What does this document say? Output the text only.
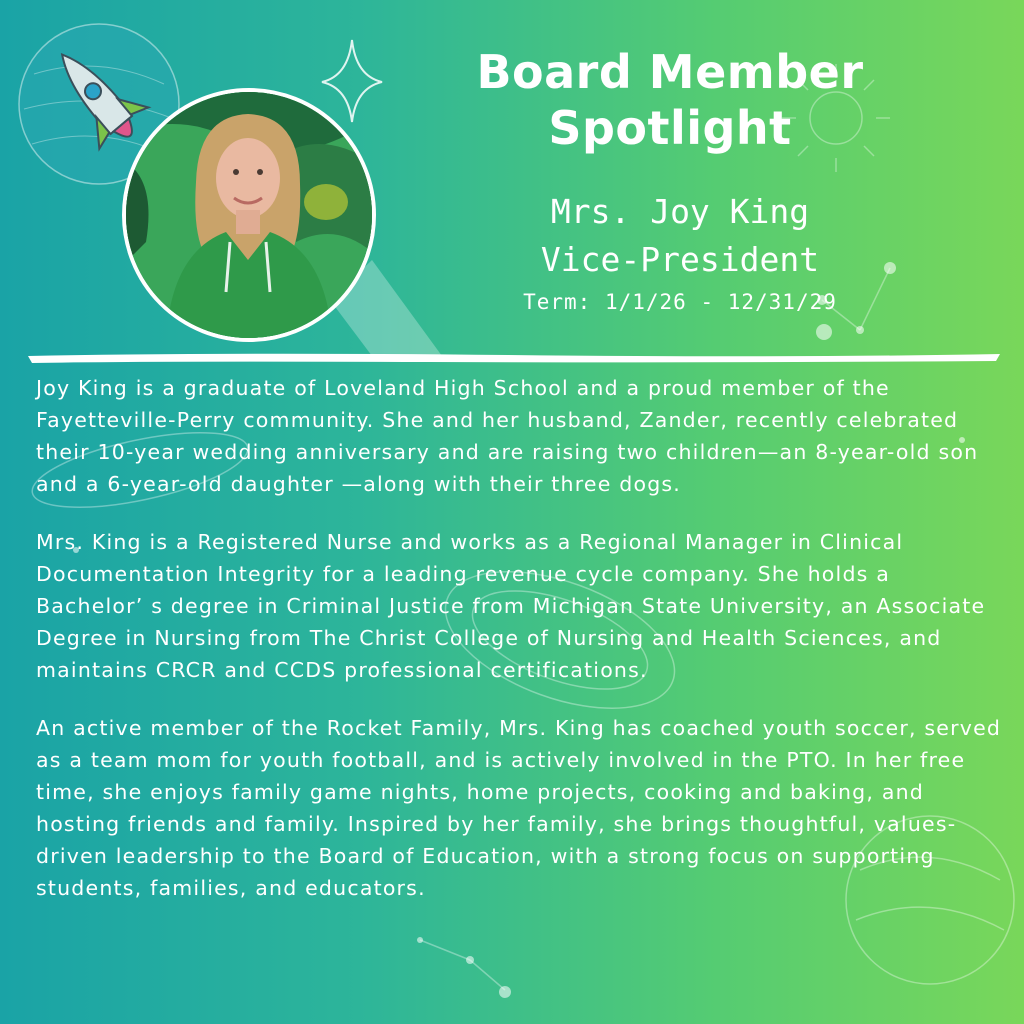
Board Member
Spotlight
Mrs. Joy King
Vice-President
Term: 1/1/26 - 12/31/29

Joy King is a graduate of Loveland High School and a proud member of the Fayetteville-Perry community. She and her husband, Zander, recently celebrated their 10-year wedding anniversary and are raising two children—an 8-year-old son and a 6-year-old daughter —along with their three dogs.

Mrs. King is a Registered Nurse and works as a Regional Manager in Clinical Documentation Integrity for a leading revenue cycle company. She holds a Bachelor’ s degree in Criminal Justice from Michigan State University, an Associate Degree in Nursing from The Christ College of Nursing and Health Sciences, and maintains CRCR and CCDS professional certifications.

An active member of the Rocket Family, Mrs. King has coached youth soccer, served as a team mom for youth football, and is actively involved in the PTO. In her free time, she enjoys family game nights, home projects, cooking and baking, and hosting friends and family. Inspired by her family, she brings thoughtful, values-driven leadership to the Board of Education, with a strong focus on supporting students, families, and educators.
